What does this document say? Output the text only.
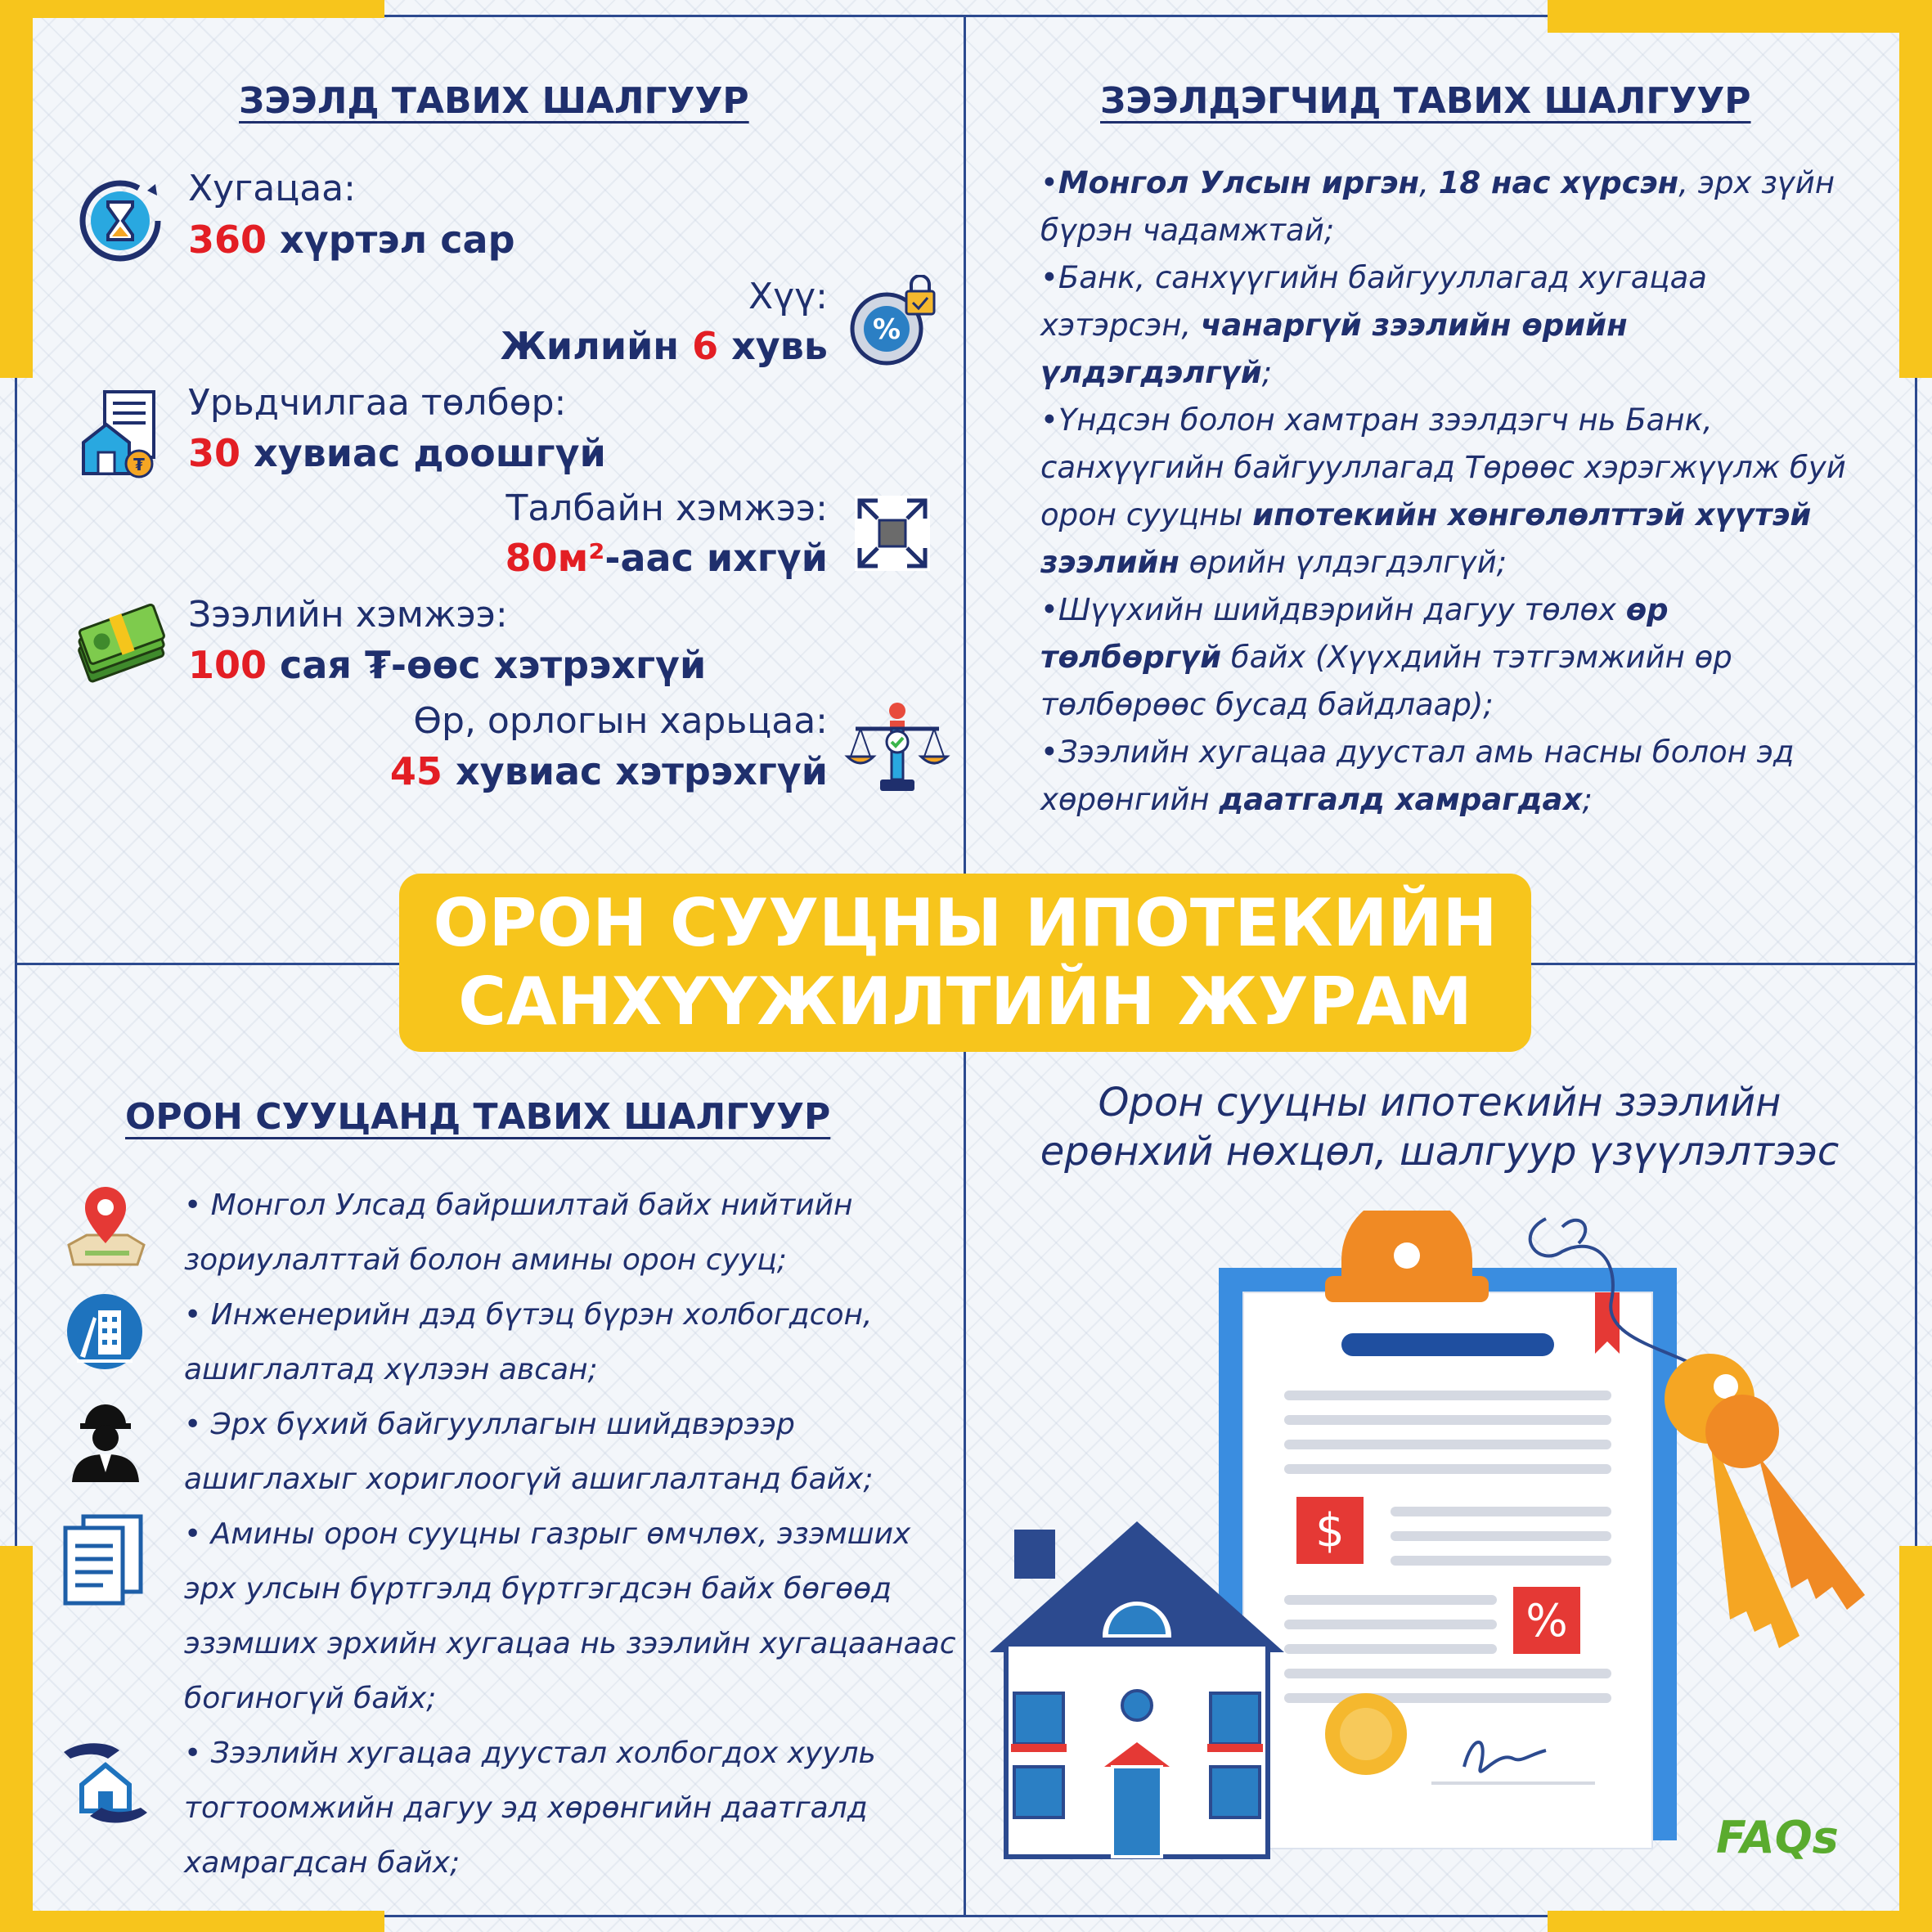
ЗЭЭЛД ТАВИХ ШАЛГУУР
Хугацаа:
360 хүртэл сар
Хүү:
Жилийн 6 хувь %
₮
Урьдчилгаа төлбөр:
30 хувиас доошгүй
Талбайн хэмжээ:
80м²-аас ихгүй
Зээлийн хэмжээ:
100 сая ₮-өөс хэтрэхгүй
Өр, орлогын харьцаа:
45 хувиас хэтрэхгүй
ЗЭЭЛДЭГЧИД ТАВИХ ШАЛГУУР

•Монгол Улсын иргэн, 18 нас хүрсэн, эрх зүйн бүрэн чадамжтай;

•Банк, санхүүгийн байгууллагад хугацаа хэтэрсэн, чанаргүй зээлийн өрийн үлдэгдэлгүй;

•Үндсэн болон хамтран зээлдэгч нь Банк, санхүүгийн байгууллагад Төрөөс хэрэгжүүлж буй орон сууцны ипотекийн хөнгөлөлттэй хүүтэй зээлийн өрийн үлдэгдэлгүй;

•Шүүхийн шийдвэрийн дагуу төлөх өр төлбөргүй байх (Хүүхдийн тэтгэмжийн өр төлбөрөөс бусад байдлаар);

•Зээлийн хугацаа дуустал амь насны болон эд хөрөнгийн даатгалд хамрагдах;

ОРОН СУУЦНЫ ИПОТЕКИЙН
САНХҮҮЖИЛТИЙН ЖУРАМ
ОРОН СУУЦАНД ТАВИХ ШАЛГУУР

• Монгол Улсад байршилтай байх нийтийн зориулалттай болон амины орон сууц;

• Инженерийн дэд бүтэц бүрэн холбогдсон, ашиглалтад хүлээн авсан;

• Эрх бүхий байгууллагын шийдвэрээр ашиглахыг хориглоогүй ашиглалтанд байх;

• Амины орон сууцны газрыг өмчлөх, эзэмших эрх улсын бүртгэлд бүртгэгдсэн байх бөгөөд эзэмших эрхийн хугацаа нь зээлийн хугацаанаас богиногүй байх;

• Зээлийн хугацаа дуустал холбогдох хууль тогтоомжийн дагуу эд хөрөнгийн даатгалд хамрагдсан байх;

Орон сууцны ипотекийн зээлийн
ерөнхий нөхцөл, шалгуур үзүүлэлтээс
$
%
FAQs
